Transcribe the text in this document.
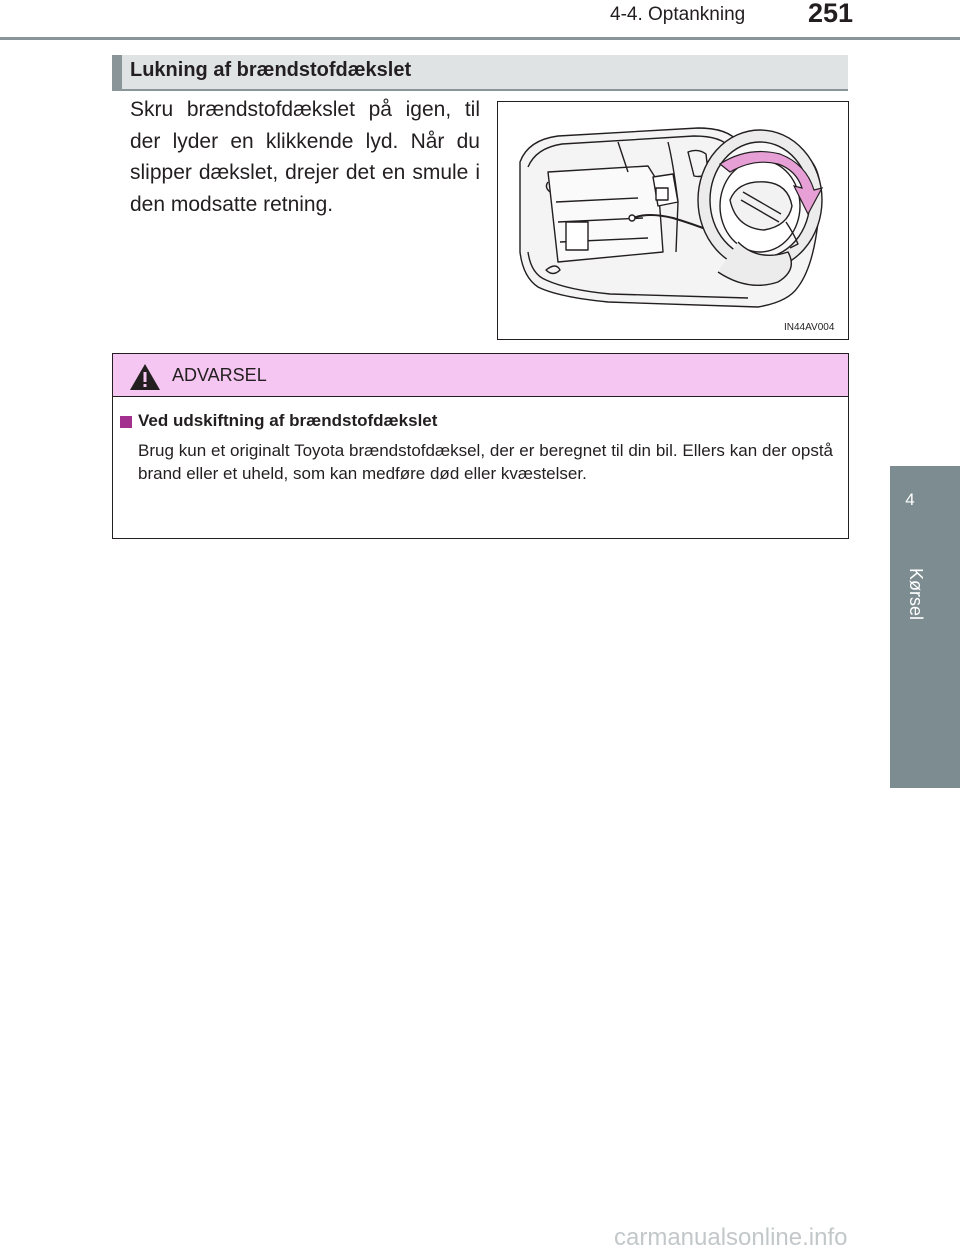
4-4. Optankning 251
4
Kørsel
Lukning af brændstofdækslet
Skru brændstofdækslet på igen, til der lyder en klikkende lyd. Når du slipper dækslet, drejer det en smule i den modsatte retning.
IN44AV004
ADVARSEL
Ved udskiftning af brændstofdækslet
Brug kun et originalt Toyota brændstofdæksel, der er beregnet til din bil. Ellers kan der opstå brand eller et uheld, som kan medføre død eller kvæstelser.
carmanualsonline.info
